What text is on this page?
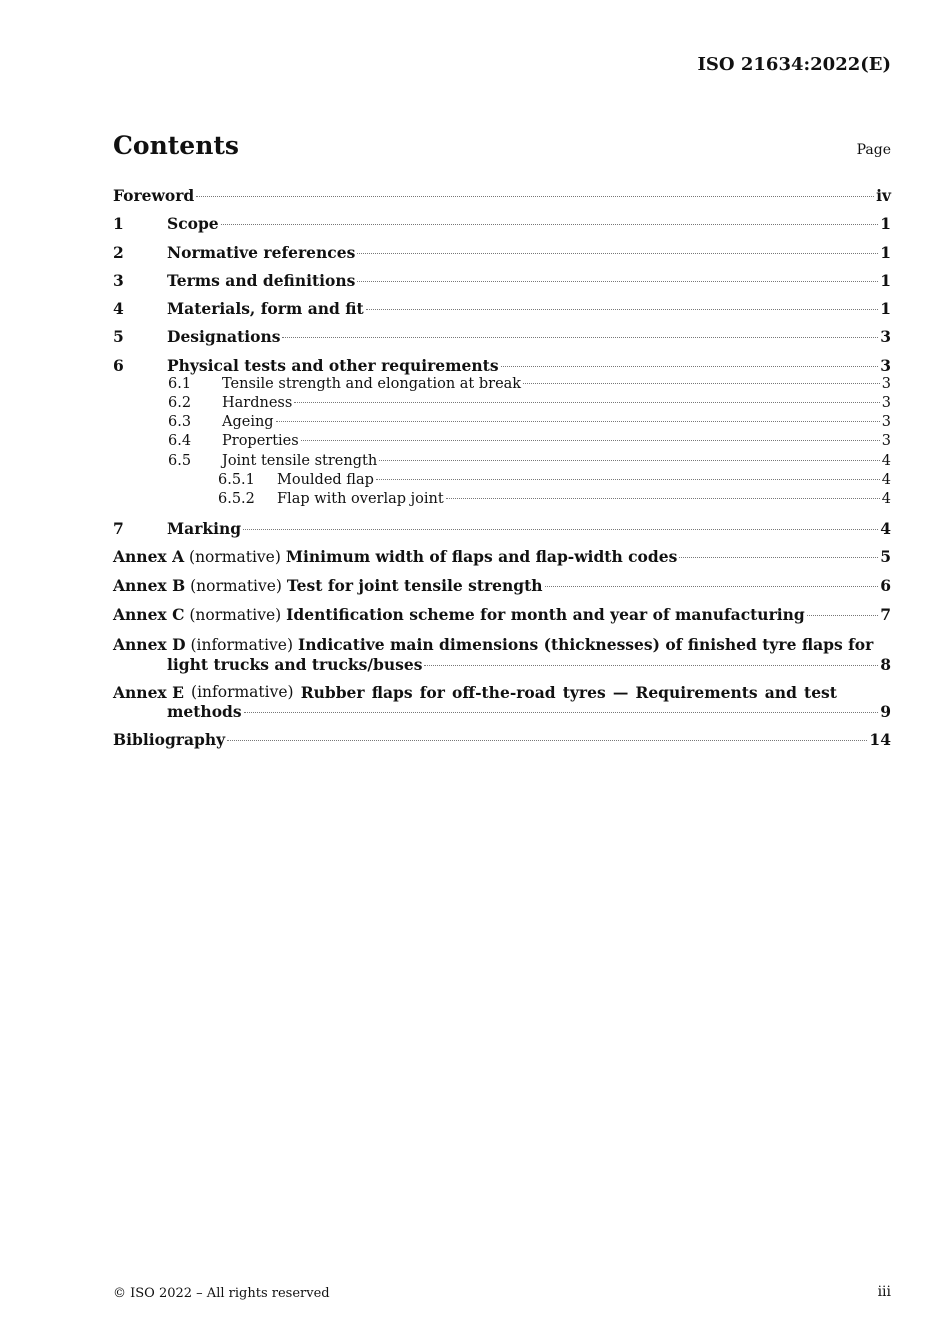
ISO 21634:2022(E)
Contents	Page
Foreword	iv
1	Scope	1
2	Normative references	1
3	Terms and definitions	1
4	Materials, form and fit	1
5	Designations	3
6	Physical tests and other requirements	3
6.1	Tensile strength and elongation at break	3
6.2	Hardness	3
6.3	Ageing	3
6.4	Properties	3
6.5	Joint tensile strength	4
6.5.1	Moulded flap	4
6.5.2	Flap with overlap joint	4
7	Marking	4
Annex A (normative) Minimum width of flaps and flap-width codes	5
Annex B (normative) Test for joint tensile strength	6
Annex C (normative) Identification scheme for month and year of manufacturing	7
Annex D (informative) Indicative main dimensions (thicknesses) of finished tyre flaps for
light trucks and trucks/buses	8
Annex E (informative) Rubber flaps for off-the-road tyres — Requirements and test
methods	9
Bibliography	14
© ISO 2022 – All rights reserved	iii
